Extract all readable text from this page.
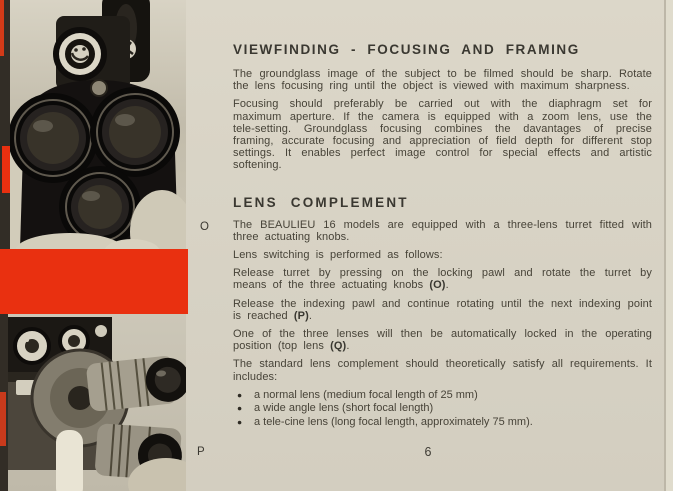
O
P
VIEWFINDING - FOCUSING AND FRAMING

The groundglass image of the subject to be filmed should be sharp. Rotate the lens focusing ring until the object is viewed with maximum sharpness.

Focusing should preferably be carried out with the diaphragm set for maximum aperture. If the camera is equipped with a zoom lens, use the tele-setting. Groundglass focusing combines the davantages of precise framing, accurate focusing and appreciation of field depth for different stop settings. It enables perfect image control for special effects and artistic softening.

LENS COMPLEMENT

The BEAULIEU 16 models are equipped with a three-lens turret fitted with three actuating knobs.

Lens switching is performed as follows:

Release turret by pressing on the locking pawl and rotate the turret by means of the three actuating knobs (O).

Release the indexing pawl and continue rotating until the next indexing point is reached (P).

One of the three lenses will then be automatically locked in the operating position (top lens (Q).

The standard lens complement should theoretically satisfy all requirements. It includes:

●	a normal lens (medium focal length of 25 mm)
●	a wide angle lens (short focal length)
●	a tele-cine lens (long focal length, approximately 75 mm).
6
